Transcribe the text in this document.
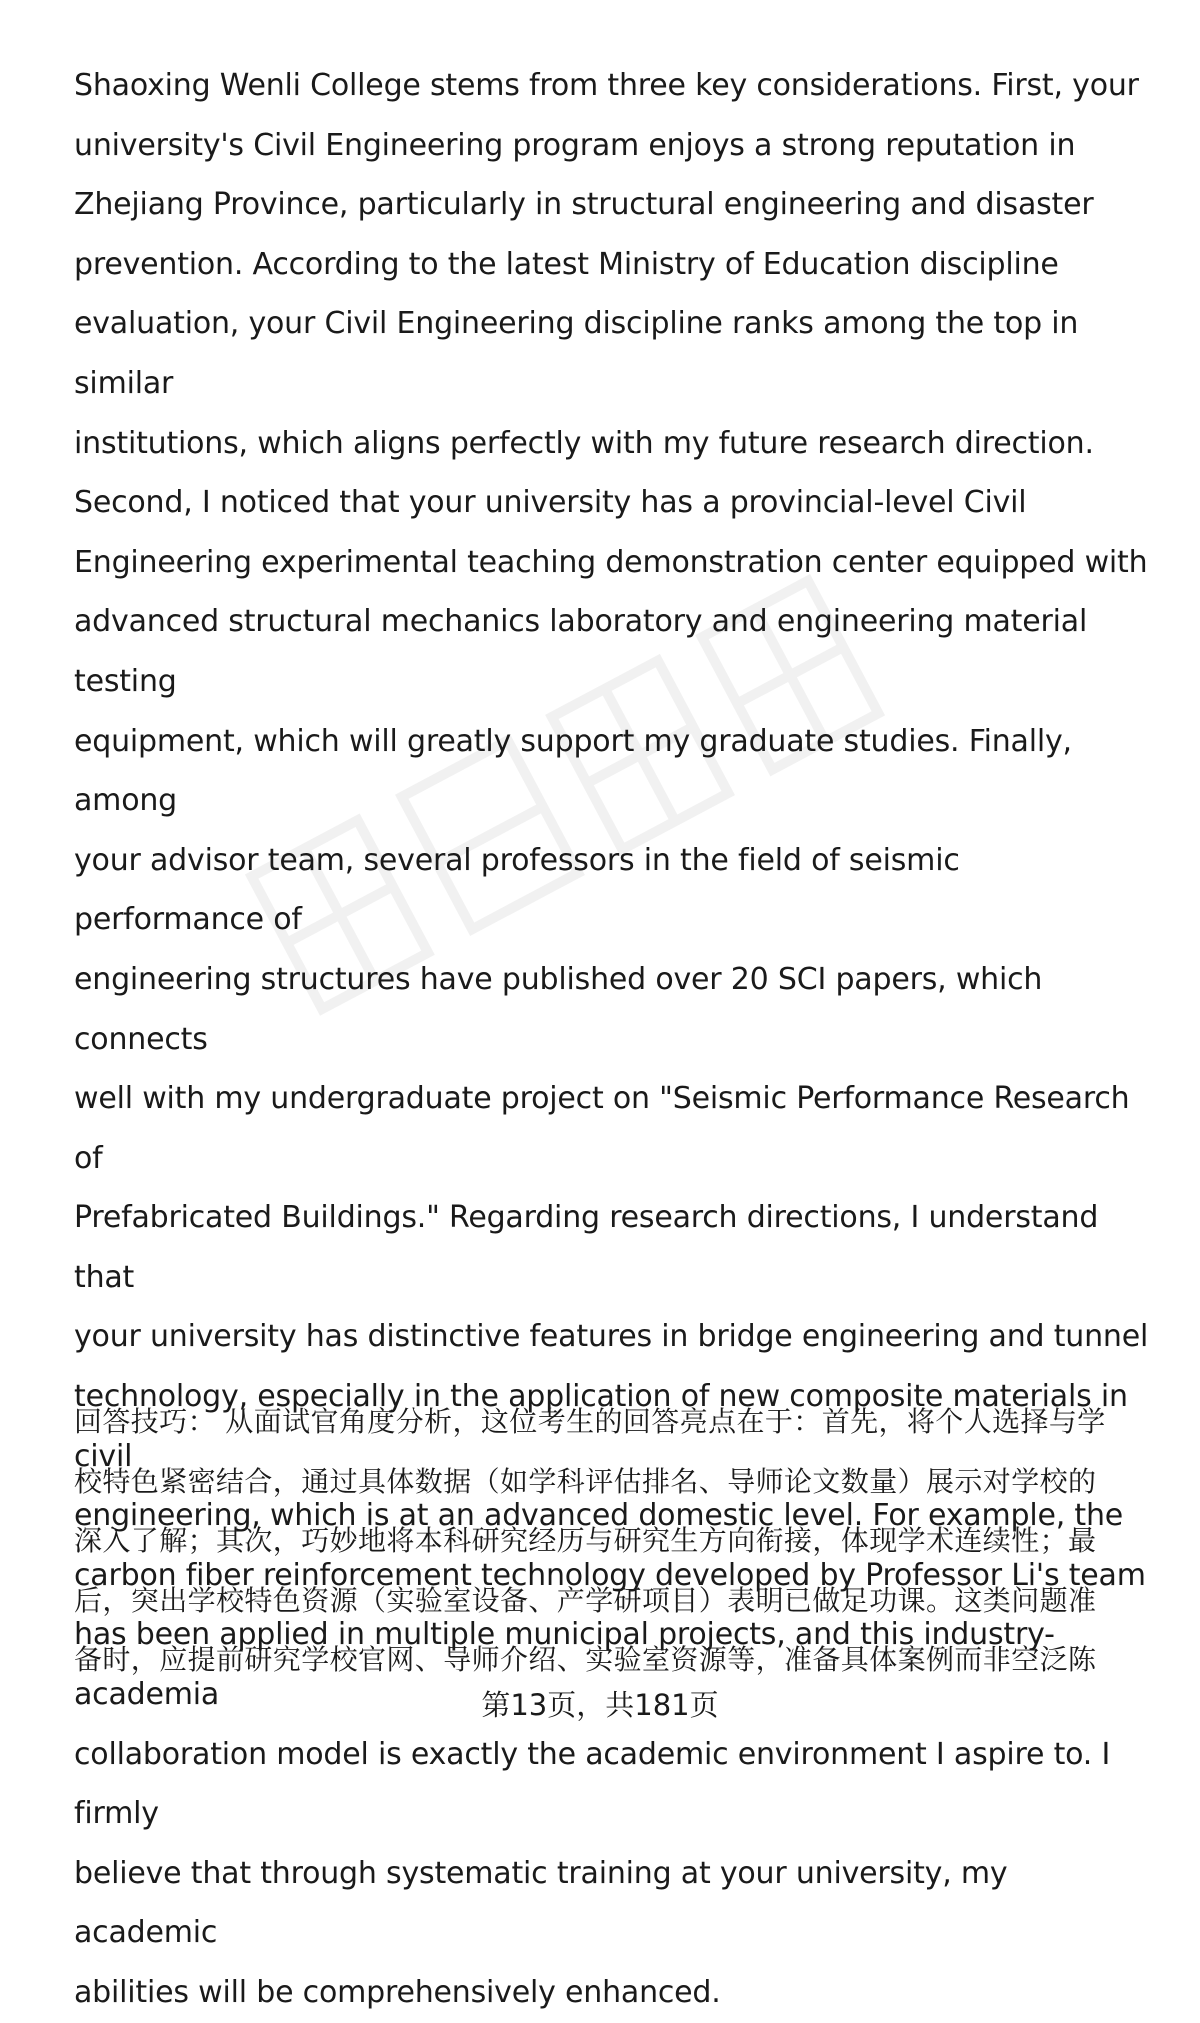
Shaoxing Wenli College stems from three key considerations. First, your
university's Civil Engineering program enjoys a strong reputation in
Zhejiang Province, particularly in structural engineering and disaster
prevention. According to the latest Ministry of Education discipline
evaluation, your Civil Engineering discipline ranks among the top in similar
institutions, which aligns perfectly with my future research direction.
Second, I noticed that your university has a provincial-level Civil
Engineering experimental teaching demonstration center equipped with
advanced structural mechanics laboratory and engineering material testing
equipment, which will greatly support my graduate studies. Finally, among
your advisor team, several professors in the field of seismic performance of
engineering structures have published over 20 SCI papers, which connects
well with my undergraduate project on "Seismic Performance Research of
Prefabricated Buildings." Regarding research directions, I understand that
your university has distinctive features in bridge engineering and tunnel
technology, especially in the application of new composite materials in civil
engineering, which is at an advanced domestic level. For example, the
carbon fiber reinforcement technology developed by Professor Li's team
has been applied in multiple municipal projects, and this industry-academia
collaboration model is exactly the academic environment I aspire to. I firmly
believe that through systematic training at your university, my academic
abilities will be comprehensively enhanced.

回答技巧： 从面试官角度分析，这位考生的回答亮点在于：首先，将个人选择与学
校特色紧密结合，通过具体数据（如学科评估排名、导师论文数量）展示对学校的
深入了解；其次，巧妙地将本科研究经历与研究生方向衔接，体现学术连续性；最
后，突出学校特色资源（实验室设备、产学研项目）表明已做足功课。这类问题准
备时，应提前研究学校官网、导师介绍、实验室资源等，准备具体案例而非空泛陈

第13页，共181页
